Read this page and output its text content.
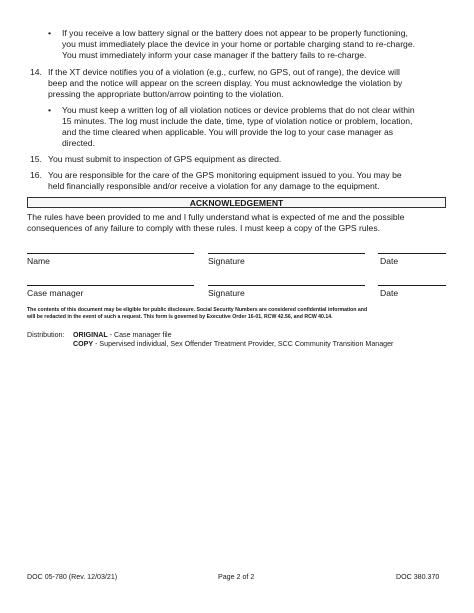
• If you receive a low battery signal or the battery does not appear to be properly functioning,
you must immediately place the device in your home or portable charging stand to re-charge.
You must immediately inform your case manager if the battery fails to re-charge.
14. If the XT device notifies you of a violation (e.g., curfew, no GPS, out of range), the device will
beep and the notice will appear on the screen display. You must acknowledge the violation by
pressing the appropriate button/arrow pointing to the violation.
• You must keep a written log of all violation notices or device problems that do not clear within
15 minutes. The log must include the date, time, type of violation notice or problem, location,
and the time cleared when applicable. You will provide the log to your case manager as
directed.
15. You must submit to inspection of GPS equipment as directed.
16. You are responsible for the care of the GPS monitoring equipment issued to you. You may be
held financially responsible and/or receive a violation for any damage to the equipment.
ACKNOWLEDGEMENT
The rules have been provided to me and I fully understand what is expected of me and the possible
consequences of any failure to comply with these rules. I must keep a copy of the GPS rules.
Name	Signature	Date
Case manager	Signature	Date
The contents of this document may be eligible for public disclosure. Social Security Numbers are considered confidential information and
will be redacted in the event of such a request. This form is governed by Executive Order 16-01, RCW 42.56, and RCW 40.14.
Distribution: ORIGINAL - Case manager file
COPY - Supervised individual, Sex Offender Treatment Provider, SCC Community Transition Manager
DOC 05-780 (Rev. 12/03/21)	Page 2 of 2	DOC 380.370
